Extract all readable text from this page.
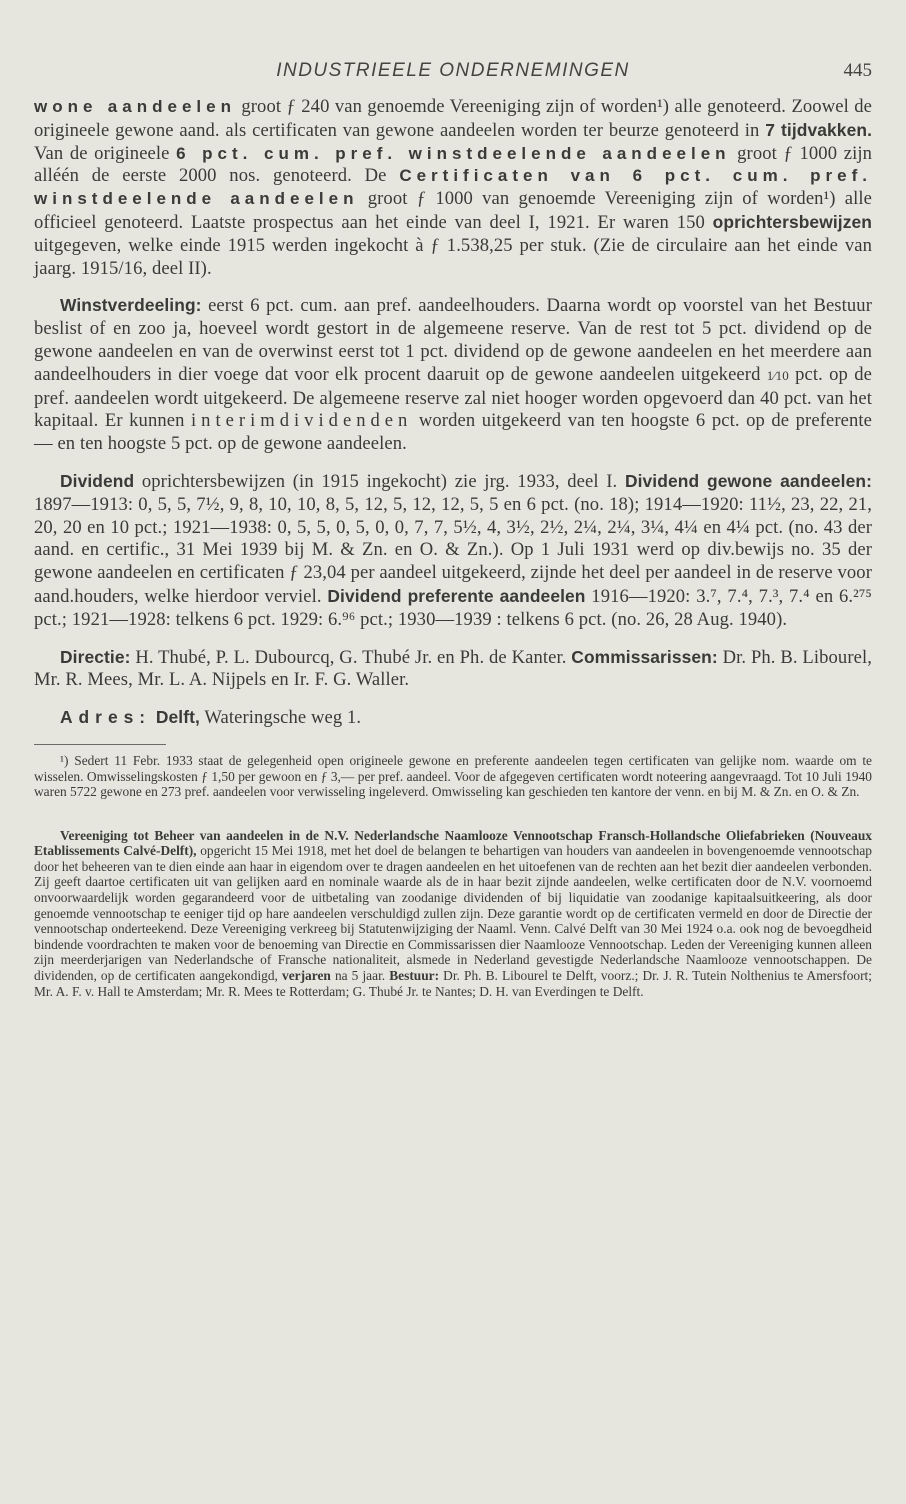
INDUSTRIEELE ONDERNEMINGEN	445

wone aandeelen groot ƒ 240 van genoemde Vereeniging zijn of worden¹) alle genoteerd. Zoowel de origineele gewone aand. als certificaten van gewone aandeelen worden ter beurze genoteerd in 7 tijdvakken. Van de origineele 6 pct. cum. pref. winstdeelende aandeelen groot ƒ 1000 zijn alléén de eerste 2000 nos. genoteerd. De Certificaten van 6 pct. cum. pref. winstdeelende aandeelen groot ƒ 1000 van genoemde Vereeniging zijn of worden¹) alle officieel genoteerd. Laatste prospectus aan het einde van deel I, 1921. Er waren 150 oprichtersbewijzen uitgegeven, welke einde 1915 werden ingekocht à ƒ 1.538,25 per stuk. (Zie de circulaire aan het einde van jaarg. 1915/16, deel II).

Winstverdeeling: eerst 6 pct. cum. aan pref. aandeelhouders. Daarna wordt op voorstel van het Bestuur beslist of en zoo ja, hoeveel wordt gestort in de algemeene reserve. Van de rest tot 5 pct. dividend op de gewone aandeelen en van de overwinst eerst tot 1 pct. dividend op de gewone aandeelen en het meerdere aan aandeelhouders in dier voege dat voor elk procent daaruit op de gewone aandeelen uitgekeerd 1⁄10 pct. op de pref. aandeelen wordt uitgekeerd. De algemeene reserve zal niet hooger worden opgevoerd dan 40 pct. van het kapitaal. Er kunnen interimdividenden worden uitgekeerd van ten hoogste 6 pct. op de preferente — en ten hoogste 5 pct. op de gewone aandeelen.

Dividend oprichtersbewijzen (in 1915 ingekocht) zie jrg. 1933, deel I. Dividend gewone aandeelen: 1897—1913: 0, 5, 5, 7½, 9, 8, 10, 10, 8, 5, 12, 5, 12, 12, 5, 5 en 6 pct. (no. 18); 1914—1920: 11½, 23, 22, 21, 20, 20 en 10 pct.; 1921—1938: 0, 5, 5, 0, 5, 0, 0, 7, 7, 5½, 4, 3½, 2½, 2¼, 2¼, 3¼, 4¼ en 4¼ pct. (no. 43 der aand. en certific., 31 Mei 1939 bij M. & Zn. en O. & Zn.). Op 1 Juli 1931 werd op div.bewijs no. 35 der gewone aandeelen en certificaten ƒ 23,04 per aandeel uitgekeerd, zijnde het deel per aandeel in de reserve voor aand.houders, welke hierdoor verviel. Dividend preferente aandeelen 1916—1920: 3.⁷, 7.⁴, 7.³, 7.⁴ en 6.²⁷⁵ pct.; 1921—1928: telkens 6 pct. 1929: 6.⁹⁶ pct.; 1930—1939 : telkens 6 pct. (no. 26, 28 Aug. 1940).

Directie: H. Thubé, P. L. Dubourcq, G. Thubé Jr. en Ph. de Kanter. Commissarissen: Dr. Ph. B. Libourel, Mr. R. Mees, Mr. L. A. Nijpels en Ir. F. G. Waller.

Adres: Delft, Wateringsche weg 1.

¹) Sedert 11 Febr. 1933 staat de gelegenheid open origineele gewone en preferente aandeelen tegen certificaten van gelijke nom. waarde om te wisselen. Omwisselingskosten ƒ 1,50 per gewoon en ƒ 3,— per pref. aandeel. Voor de afgegeven certificaten wordt noteering aangevraagd. Tot 10 Juli 1940 waren 5722 gewone en 273 pref. aandeelen voor verwisseling ingeleverd. Omwisseling kan geschieden ten kantore der venn. en bij M. & Zn. en O. & Zn.

Vereeniging tot Beheer van aandeelen in de N.V. Nederlandsche Naamlooze Vennootschap Fransch-Hollandsche Oliefabrieken (Nouveaux Etablissements Calvé-Delft), opgericht 15 Mei 1918, met het doel de belangen te behartigen van houders van aandeelen in bovengenoemde vennootschap door het beheeren van te dien einde aan haar in eigendom over te dragen aandeelen en het uitoefenen van de rechten aan het bezit dier aandeelen verbonden. Zij geeft daartoe certificaten uit van gelijken aard en nominale waarde als de in haar bezit zijnde aandeelen, welke certificaten door de N.V. voornoemd onvoorwaardelijk worden gegarandeerd voor de uitbetaling van zoodanige dividenden of bij liquidatie van zoodanige kapitaalsuitkeering, als door genoemde vennootschap te eeniger tijd op hare aandeelen verschuldigd zullen zijn. Deze garantie wordt op de certificaten vermeld en door de Directie der vennootschap onderteekend. Deze Vereeniging verkreeg bij Statutenwijziging der Naaml. Venn. Calvé Delft van 30 Mei 1924 o.a. ook nog de bevoegdheid bindende voordrachten te maken voor de benoeming van Directie en Commissarissen dier Naamlooze Vennootschap. Leden der Vereeniging kunnen alleen zijn meerderjarigen van Nederlandsche of Fransche nationaliteit, alsmede in Nederland gevestigde Nederlandsche Naamlooze vennootschappen. De dividenden, op de certificaten aangekondigd, verjaren na 5 jaar. Bestuur: Dr. Ph. B. Libourel te Delft, voorz.; Dr. J. R. Tutein Nolthenius te Amersfoort; Mr. A. F. v. Hall te Amsterdam; Mr. R. Mees te Rotterdam; G. Thubé Jr. te Nantes; D. H. van Everdingen te Delft.
